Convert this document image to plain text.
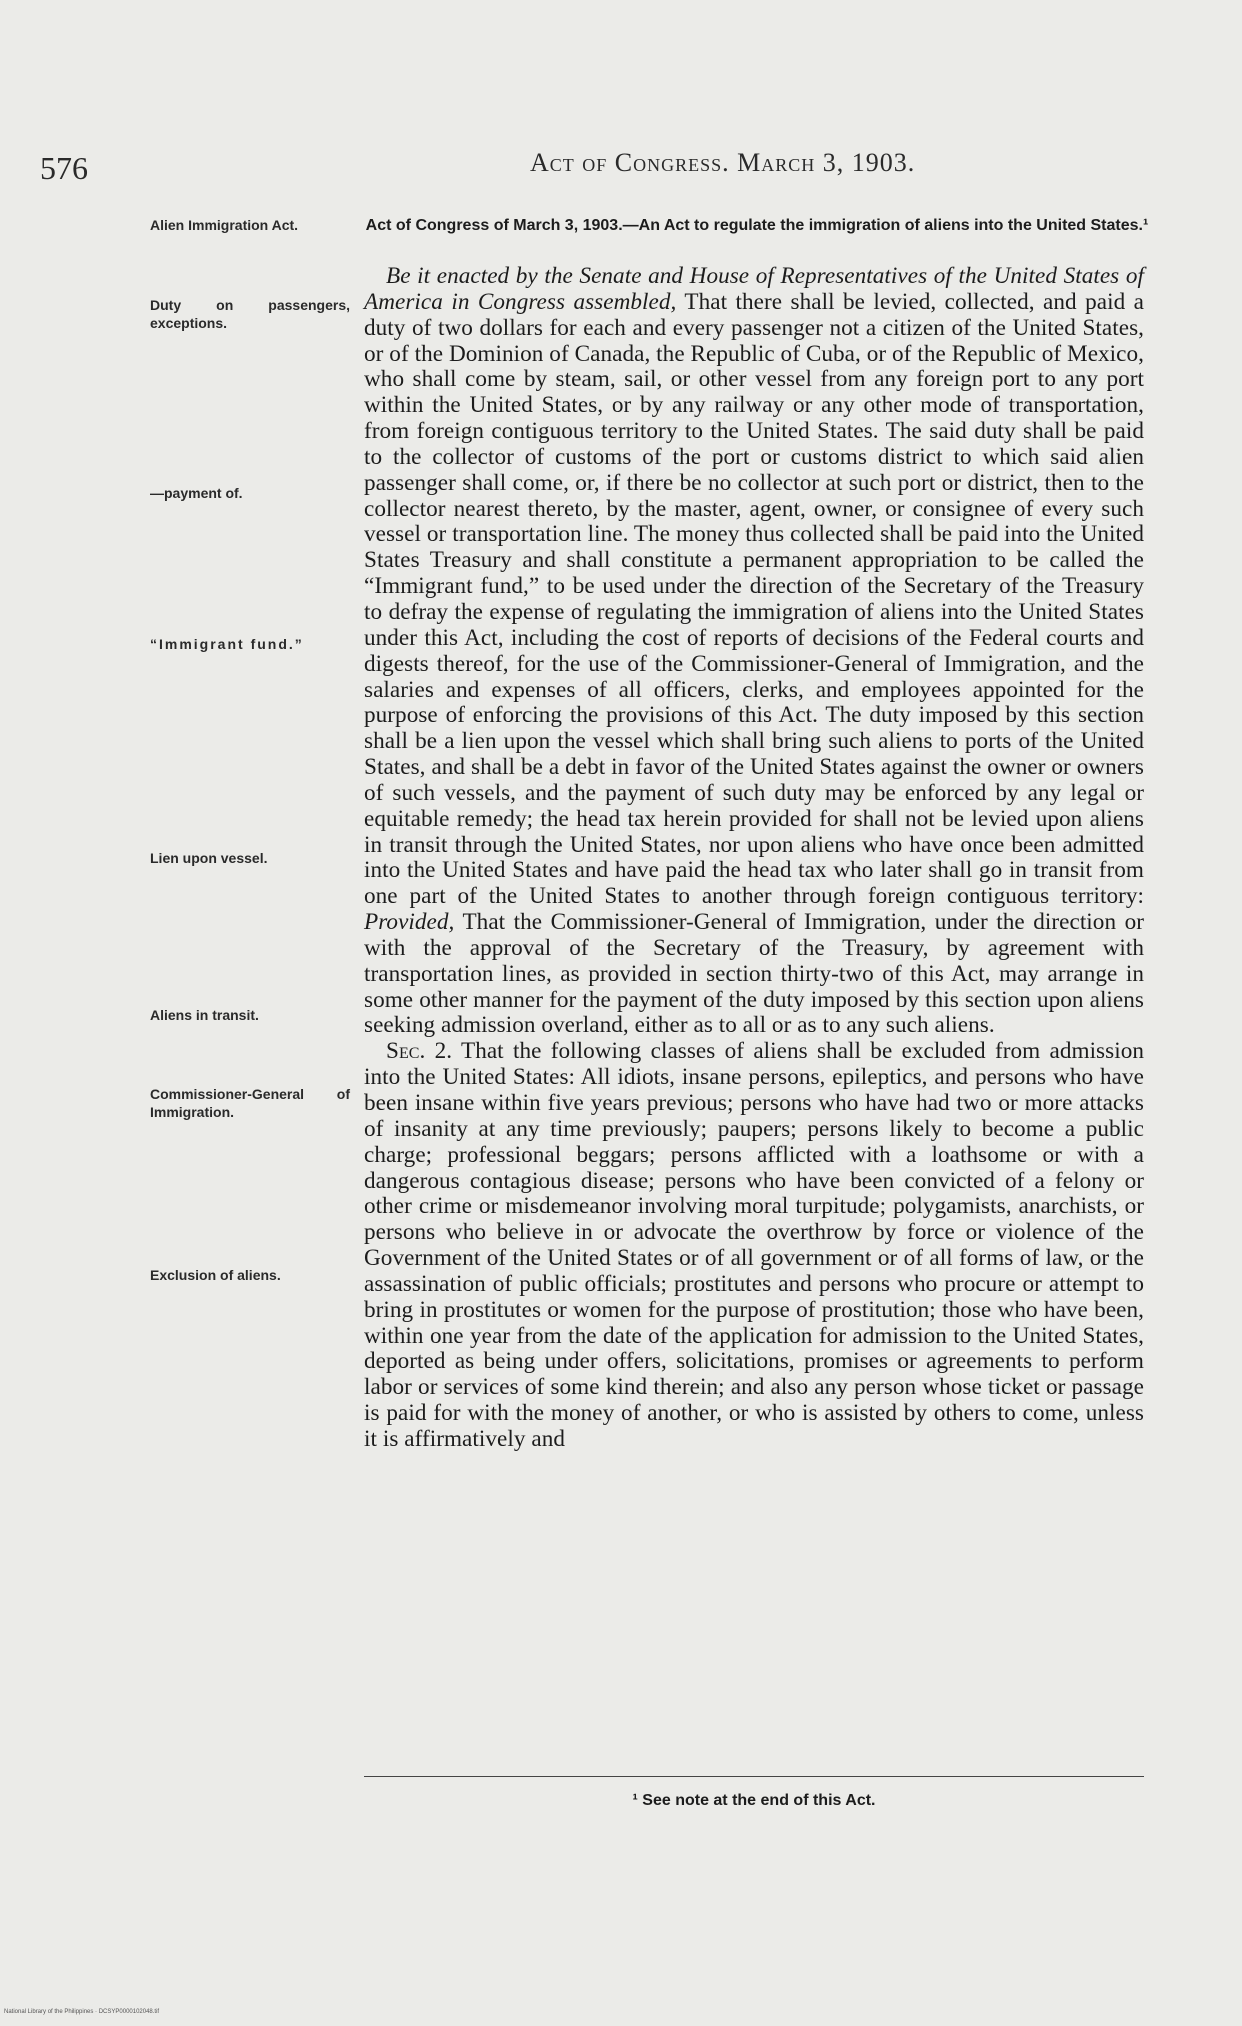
576	Act of Congress. March 3, 1903.
Alien Immigration Act.
Duty on passengers, exceptions.
—payment of.
“Immigrant fund.”
Lien upon vessel.
Aliens in transit.
Commissioner-General of Immigration.
Exclusion of aliens.
Act of Congress of March 3, 1903.—An Act to regulate the immigration of aliens into the United States.¹

Be it enacted by the Senate and House of Representatives of the United States of America in Congress assembled, That there shall be levied, collected, and paid a duty of two dollars for each and every passenger not a citizen of the United States, or of the Dominion of Canada, the Republic of Cuba, or of the Republic of Mexico, who shall come by steam, sail, or other vessel from any foreign port to any port within the United States, or by any railway or any other mode of transportation, from foreign contiguous territory to the United States. The said duty shall be paid to the collector of customs of the port or customs district to which said alien passenger shall come, or, if there be no collector at such port or district, then to the collector nearest thereto, by the master, agent, owner, or consignee of every such vessel or transportation line. The money thus collected shall be paid into the United States Treasury and shall constitute a permanent appropriation to be called the “Immigrant fund,” to be used under the direction of the Secretary of the Treasury to defray the expense of regulating the immigration of aliens into the United States under this Act, including the cost of reports of decisions of the Federal courts and digests thereof, for the use of the Commissioner-General of Immigration, and the salaries and expenses of all officers, clerks, and employees appointed for the purpose of enforcing the provisions of this Act. The duty imposed by this section shall be a lien upon the vessel which shall bring such aliens to ports of the United States, and shall be a debt in favor of the United States against the owner or owners of such vessels, and the payment of such duty may be enforced by any legal or equitable remedy; the head tax herein provided for shall not be levied upon aliens in transit through the United States, nor upon aliens who have once been admitted into the United States and have paid the head tax who later shall go in transit from one part of the United States to another through foreign contiguous territory: Provided, That the Commissioner-General of Immigration, under the direction or with the approval of the Secretary of the Treasury, by agreement with transportation lines, as provided in section thirty-two of this Act, may arrange in some other manner for the payment of the duty imposed by this section upon aliens seeking admission overland, either as to all or as to any such aliens.

Sec. 2. That the following classes of aliens shall be excluded from admission into the United States: All idiots, insane persons, epileptics, and persons who have been insane within five years previous; persons who have had two or more attacks of insanity at any time previously; paupers; persons likely to become a public charge; professional beggars; persons afflicted with a loathsome or with a dangerous contagious disease; persons who have been convicted of a felony or other crime or misdemeanor involving moral turpitude; polygamists, anarchists, or persons who believe in or advocate the overthrow by force or violence of the Government of the United States or of all government or of all forms of law, or the assassination of public officials; prostitutes and persons who procure or attempt to bring in prostitutes or women for the purpose of prostitution; those who have been, within one year from the date of the application for admission to the United States, deported as being under offers, solicitations, promises or agreements to perform labor or services of some kind therein; and also any person whose ticket or passage is paid for with the money of another, or who is assisted by others to come, unless it is affirmatively and

¹ See note at the end of this Act.
National Library of the Philippines · DCSYP0000102048.tif
